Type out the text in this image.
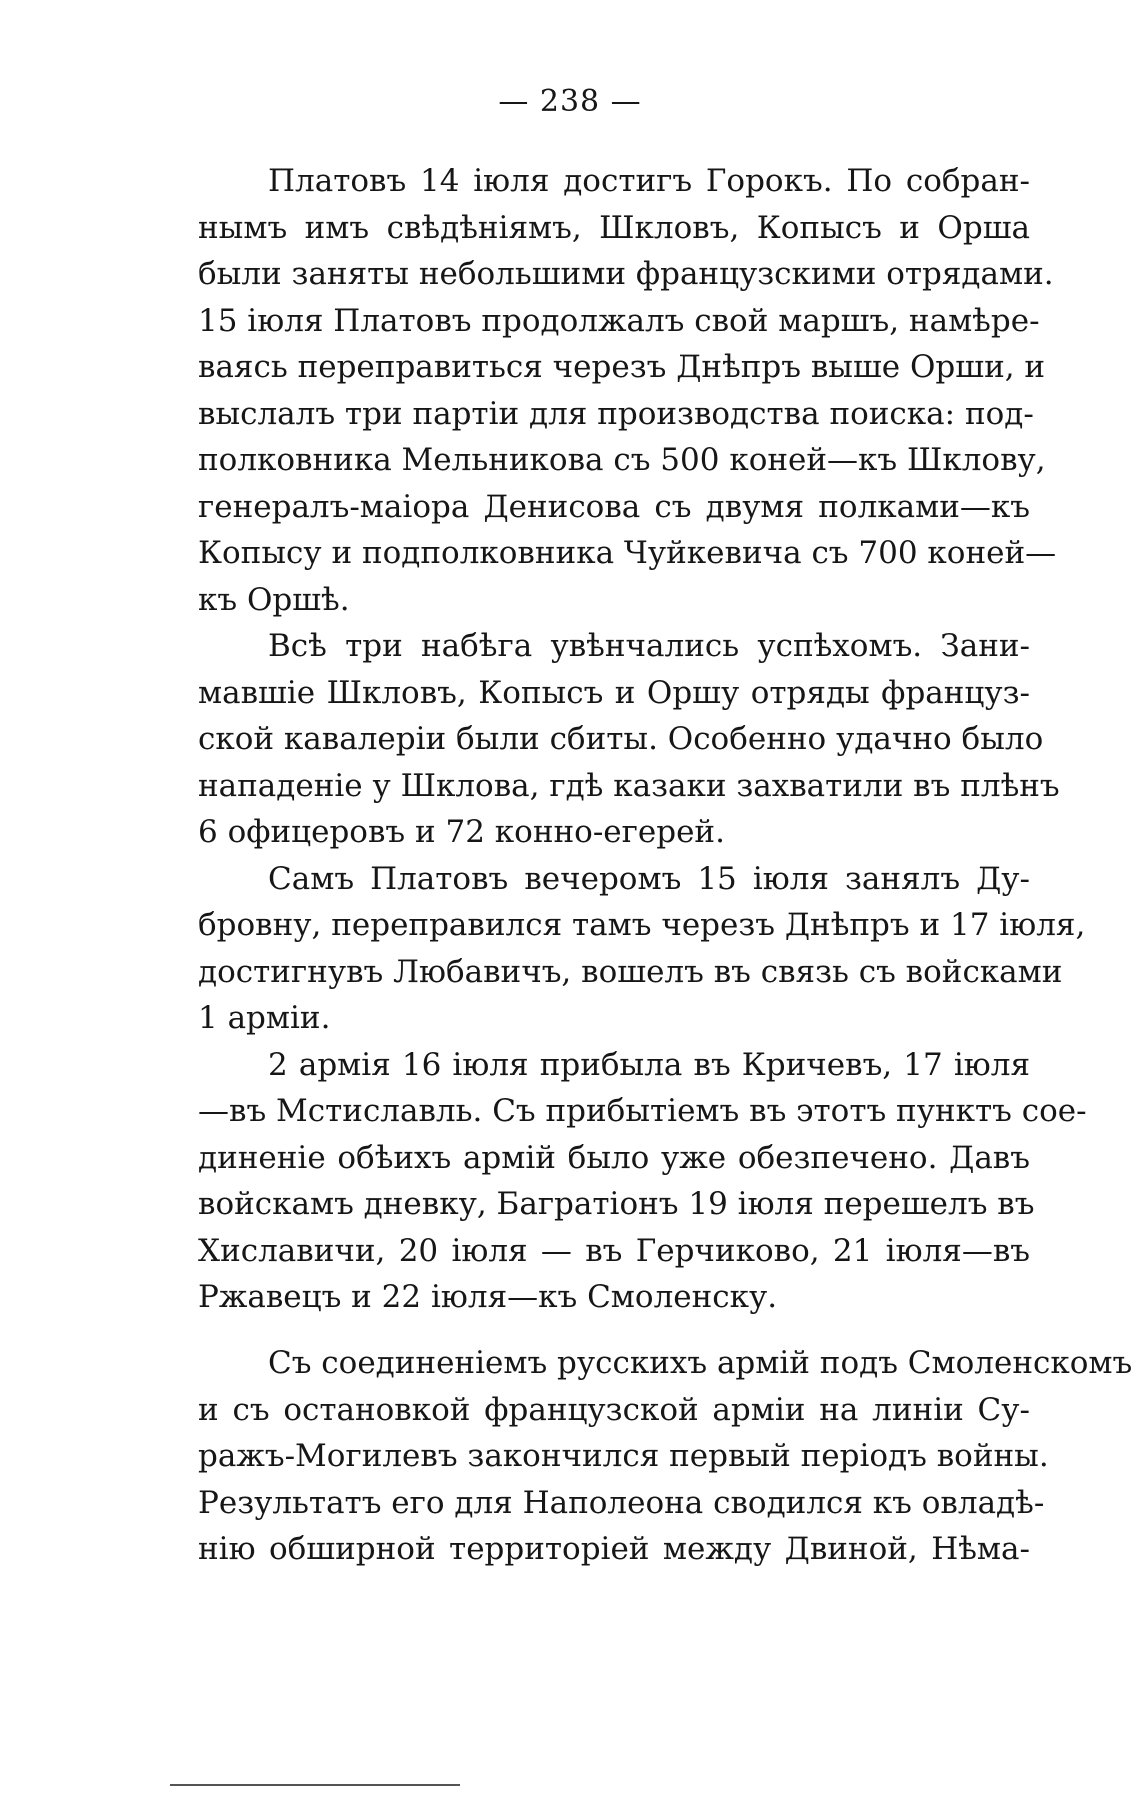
— 238 —
Платовъ 14 іюля достигъ Горокъ. По собран-
нымъ имъ свѣдѣніямъ, Шкловъ, Копысъ и Орша
были заняты небольшими французскими отрядами.
15 іюля Платовъ продолжалъ свой маршъ, намѣре-
ваясь переправиться черезъ Днѣпръ выше Орши, и
выслалъ три партіи для производства поиска: под-
полковника Мельникова съ 500 коней—къ Шклову,
генералъ-маіора Денисова съ двумя полками—къ
Копысу и подполковника Чуйкевича съ 700 коней—
къ Оршѣ.
Всѣ три набѣга увѣнчались успѣхомъ. Зани-
мавшіе Шкловъ, Копысъ и Оршу отряды француз-
ской кавалеріи были сбиты. Особенно удачно было
нападеніе у Шклова, гдѣ казаки захватили въ плѣнъ
6 офицеровъ и 72 конно-егерей.
Самъ Платовъ вечеромъ 15 іюля занялъ Ду-
бровну, переправился тамъ черезъ Днѣпръ и 17 іюля,
достигнувъ Любавичъ, вошелъ въ связь съ войсками
1 арміи.
2 армія 16 іюля прибыла въ Кричевъ, 17 іюля
—въ Мстиславль. Съ прибытіемъ въ этотъ пунктъ сое-
диненіе обѣихъ армій было уже обезпечено. Давъ
войскамъ дневку, Багратіонъ 19 іюля перешелъ въ
Хиславичи, 20 іюля — въ Герчиково, 21 іюля—въ
Ржавецъ и 22 іюля—къ Смоленску.
Съ соединеніемъ русскихъ армій подъ Смоленскомъ
и съ остановкой французской арміи на линіи Су-
ражъ-Могилевъ закончился первый періодъ войны.
Результатъ его для Наполеона сводился къ овладѣ-
нію обширной территоріей между Двиной, Нѣма-
